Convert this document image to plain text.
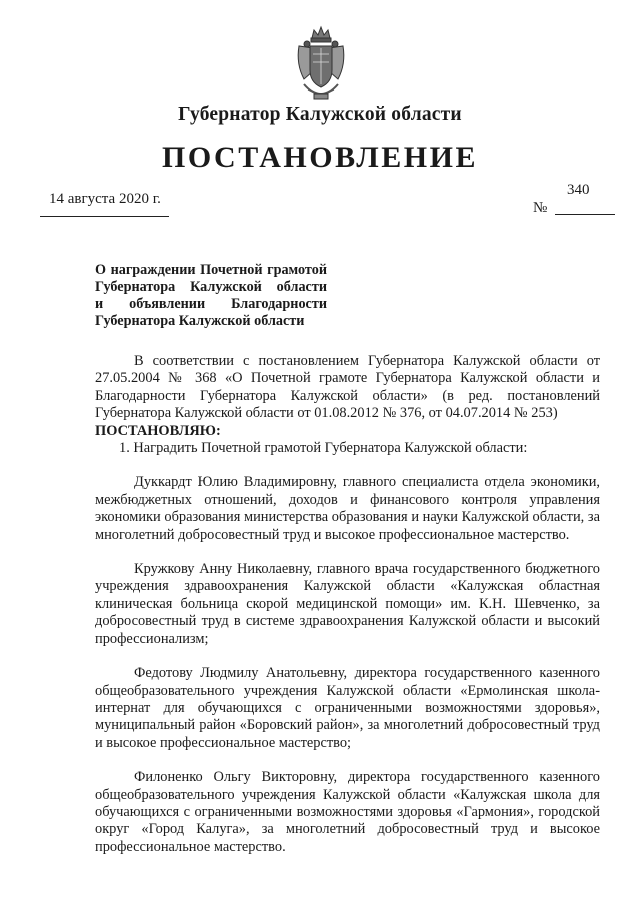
Губернатор Калужской области
ПОСТАНОВЛЕНИЕ
14 августа 2020 г.
340
№
О награждении Почетной грамотой
Губернатора Калужской области
и объявлении Благодарности
Губернатора Калужской области

В соответствии с постановлением Губернатора Калужской области от 27.05.2004 № 368 «О Почетной грамоте Губернатора Калужской области и Благодарности Губернатора Калужской области» (в ред. постановлений Губернатора Калужской области от 01.08.2012 № 376, от 04.07.2014 № 253)

ПОСТАНОВЛЯЮ:

1. Наградить Почетной грамотой Губернатора Калужской области:

Дуккардт Юлию Владимировну, главного специалиста отдела экономики, межбюджетных отношений, доходов и финансового контроля управления экономики образования министерства образования и науки Калужской области, за многолетний добросовестный труд и высокое профессиональное мастерство.

Кружкову Анну Николаевну, главного врача государственного бюджетного учреждения здравоохранения Калужской области «Калужская областная клиническая больница скорой медицинской помощи» им. К.Н. Шевченко, за добросовестный труд в системе здравоохранения Калужской области и высокий профессионализм;

Федотову Людмилу Анатольевну, директора государственного казенного общеобразовательного учреждения Калужской области «Ермолинская школа-интернат для обучающихся с ограниченными возможностями здоровья», муниципальный район «Боровский район», за многолетний добросовестный труд и высокое профессиональное мастерство;

Филоненко Ольгу Викторовну, директора государственного казенного общеобразовательного учреждения Калужской области «Калужская школа для обучающихся с ограниченными возможностями здоровья «Гармония», городской округ «Город Калуга», за многолетний добросовестный труд и высокое профессиональное мастерство.
